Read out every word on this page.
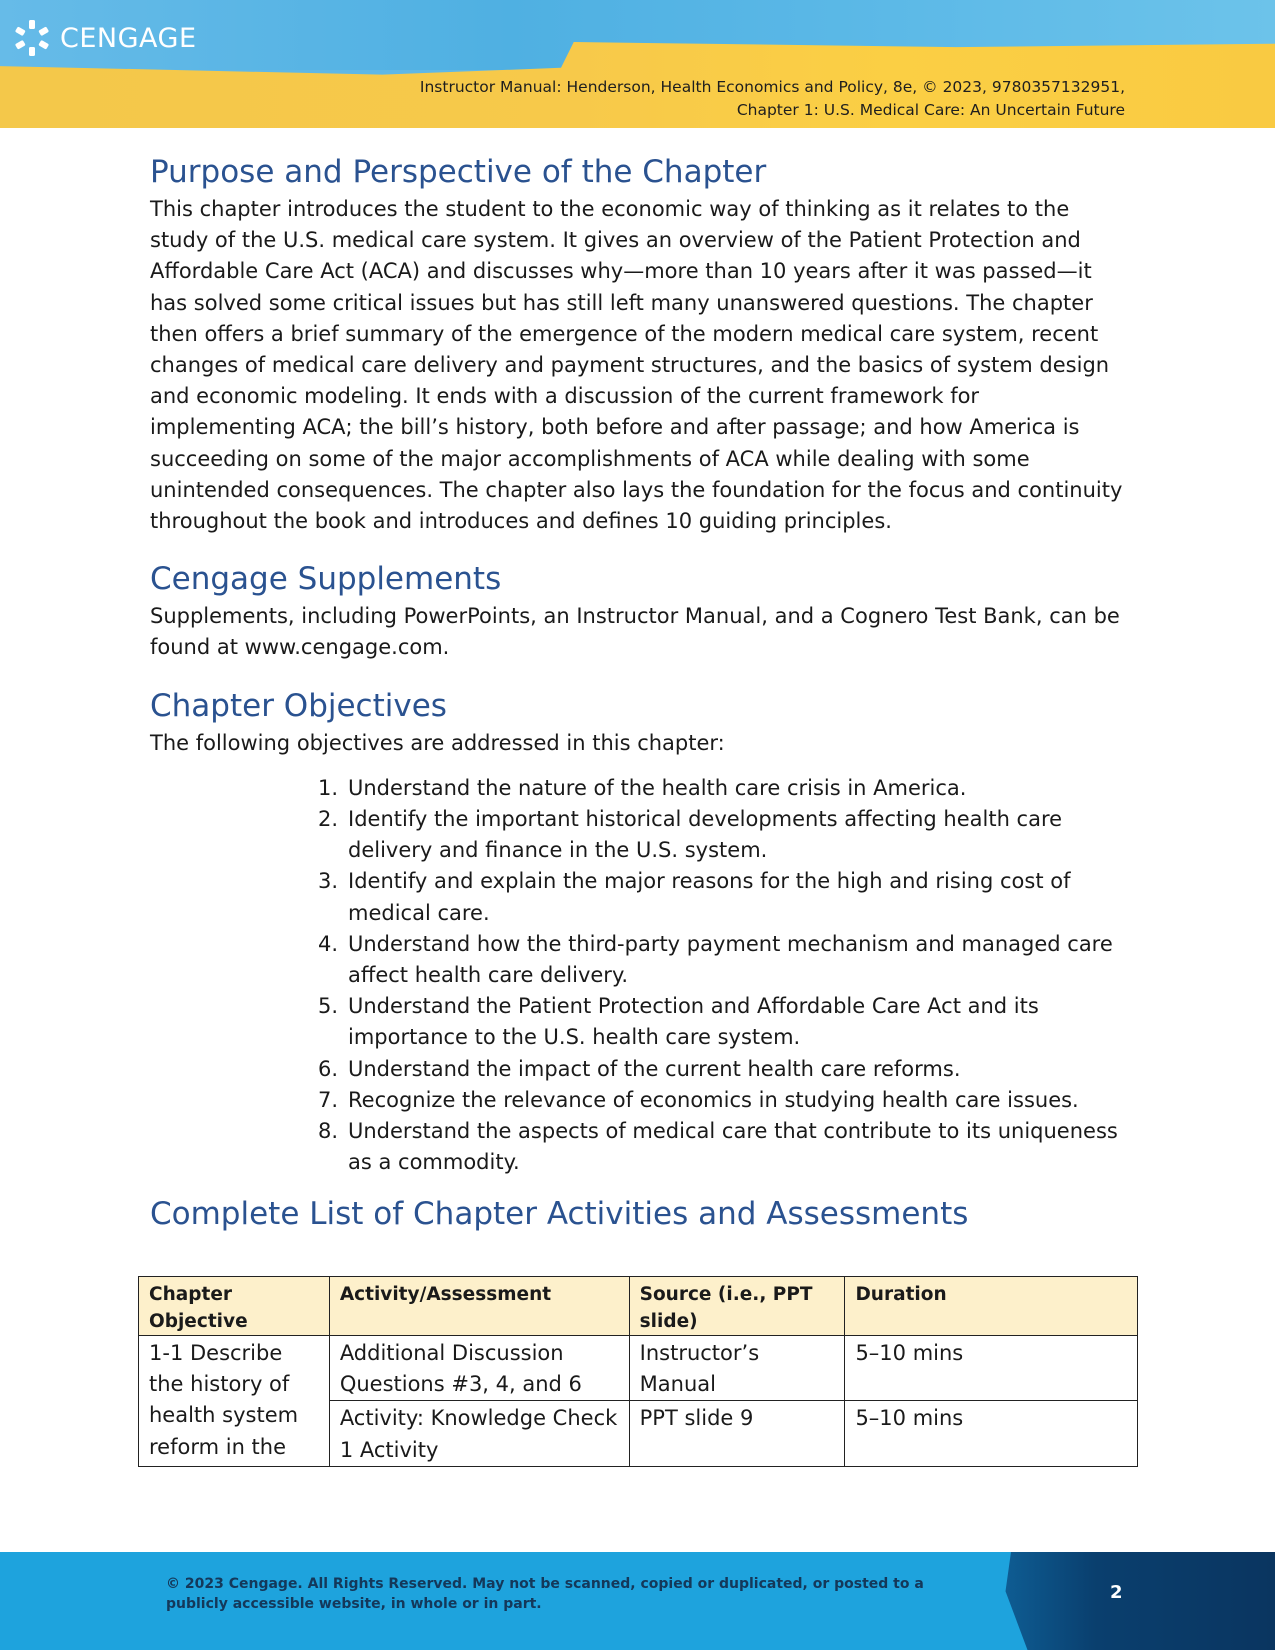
CENGAGE
Instructor Manual: Henderson, Health Economics and Policy, 8e, © 2023, 9780357132951,
Chapter 1: U.S. Medical Care: An Uncertain Future
Purpose and Perspective of the Chapter

This chapter introduces the student to the economic way of thinking as it relates to the study of the U.S. medical care system. It gives an overview of the Patient Protection and Affordable Care Act (ACA) and discusses why—more than 10 years after it was passed—it has solved some critical issues but has still left many unanswered questions. The chapter then offers a brief summary of the emergence of the modern medical care system, recent changes of medical care delivery and payment structures, and the basics of system design and economic modeling. It ends with a discussion of the current framework for implementing ACA; the bill’s history, both before and after passage; and how America is succeeding on some of the major accomplishments of ACA while dealing with some unintended consequences. The chapter also lays the foundation for the focus and continuity throughout the book and introduces and defines 10 guiding principles.

Cengage Supplements

Supplements, including PowerPoints, an Instructor Manual, and a Cognero Test Bank, can be found at www.cengage.com.

Chapter Objectives

The following objectives are addressed in this chapter:

1. Understand the nature of the health care crisis in America.
2. Identify the important historical developments affecting health care delivery and finance in the U.S. system.
3. Identify and explain the major reasons for the high and rising cost of medical care.
4. Understand how the third-party payment mechanism and managed care affect health care delivery.
5. Understand the Patient Protection and Affordable Care Act and its importance to the U.S. health care system.
6. Understand the impact of the current health care reforms.
7. Recognize the relevance of economics in studying health care issues.
8. Understand the aspects of medical care that contribute to its uniqueness as a commodity.
Complete List of Chapter Activities and Assessments
Chapter Objective	Activity/Assessment	Source (i.e., PPT slide)	Duration
1-1 Describe the history of health system reform in the	Additional Discussion Questions #3, 4, and 6	Instructor’s Manual	5–10 mins
	Activity: Knowledge Check 1 Activity	PPT slide 9	5–10 mins
© 2023 Cengage. All Rights Reserved. May not be scanned, copied or duplicated, or posted to a publicly accessible website, in whole or in part.
2
